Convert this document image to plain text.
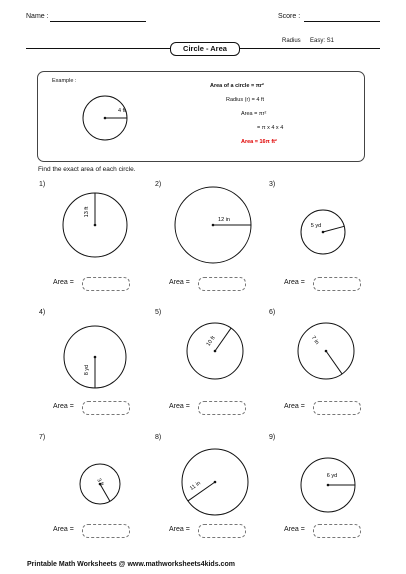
Name :	Score :
Circle - Area
Radius Easy: S1
Example :
4 ft
Area of a circle = πr²
Radius (r) = 4 ft
Area = πr²
= π x 4 x 4
Area = 16π ft²
Find the exact area of each circle.
13 ft
12 in
5 yd
8 yd
10 ft	7 in
3 ft	11 in
6 yd
1)
Area =
2)
Area =
3)
Area =
4)
Area =
5)
Area =
6)
Area =
7)
Area =
8)
Area =
9)
Area =
Printable Math Worksheets @ www.mathworksheets4kids.com
